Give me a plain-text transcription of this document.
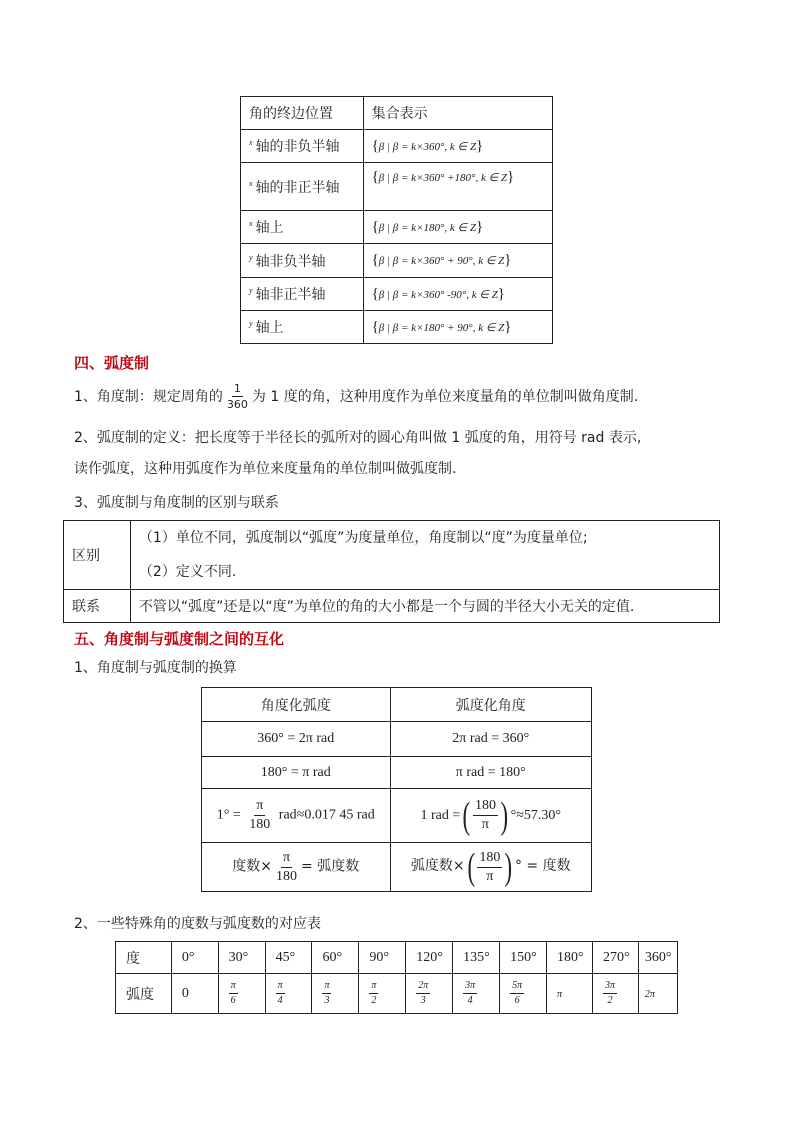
角的终边位置	集合表示
$^x$ 轴的非负半轴	{β | β = k×360°, k ∈ Z}
$^x$ 轴的非正半轴	{β | β = k×360° +180°, k ∈ Z}
$^x$ 轴上	{β | β = k×180°, k ∈ Z}
$^y$ 轴非负半轴	{β | β = k×360° + 90°, k ∈ Z}
$^y$ 轴非正半轴	{β | β = k×360° -90°, k ∈ Z}
$^y$ 轴上	{β | β = k×180° + 90°, k ∈ Z}
四、弧度制
1、角度制：规定周角的 $\frac{1}{360}$ 为 1 度的角，这种用度作为单位来度量角的单位制叫做角度制.
2、弧度制的定义：把长度等于半径长的弧所对的圆心角叫做 1 弧度的角，用符号 rad 表示,
读作弧度，这种用弧度作为单位来度量角的单位制叫做弧度制.
3、弧度制与角度制的区别与联系
区别	（1）单位不同，弧度制以“弧度”为度量单位，角度制以“度”为度量单位;
（2）定义不同.

联系	不管以“弧度”还是以“度”为单位的角的大小都是一个与圆的半径大小无关的定值.
五、角度制与弧度制之间的互化
1、角度制与弧度制的换算
角度化弧度	弧度化角度
360° = 2π rad	2π rad = 360°
180° = π rad	π rad = 180°
$1^\circ = \frac{\pi}{180} rad\approx 0.017$ 45 rad	1 rad =( $\frac{180}{\pi}$ ) °≈57.30°
度数× $\frac{\pi}{180}$ = 弧度数	弧度数×( $\frac{180}{\pi}$ ) ° = 度数
2、一些特殊角的度数与弧度数的对应表
度	0°	30°	45°	60°	90°	120°	135°	150°	180°	270°	360°
弧度	0	$\frac{\pi}{6}$	$\frac{\pi}{4}$	$\frac{\pi}{3}$	$\frac{\pi}{2}$	$\frac{2\pi}{3}$	$\frac{3\pi}{4}$	$\frac{5\pi}{6}$	π	$\frac{3\pi}{2}$	2π
